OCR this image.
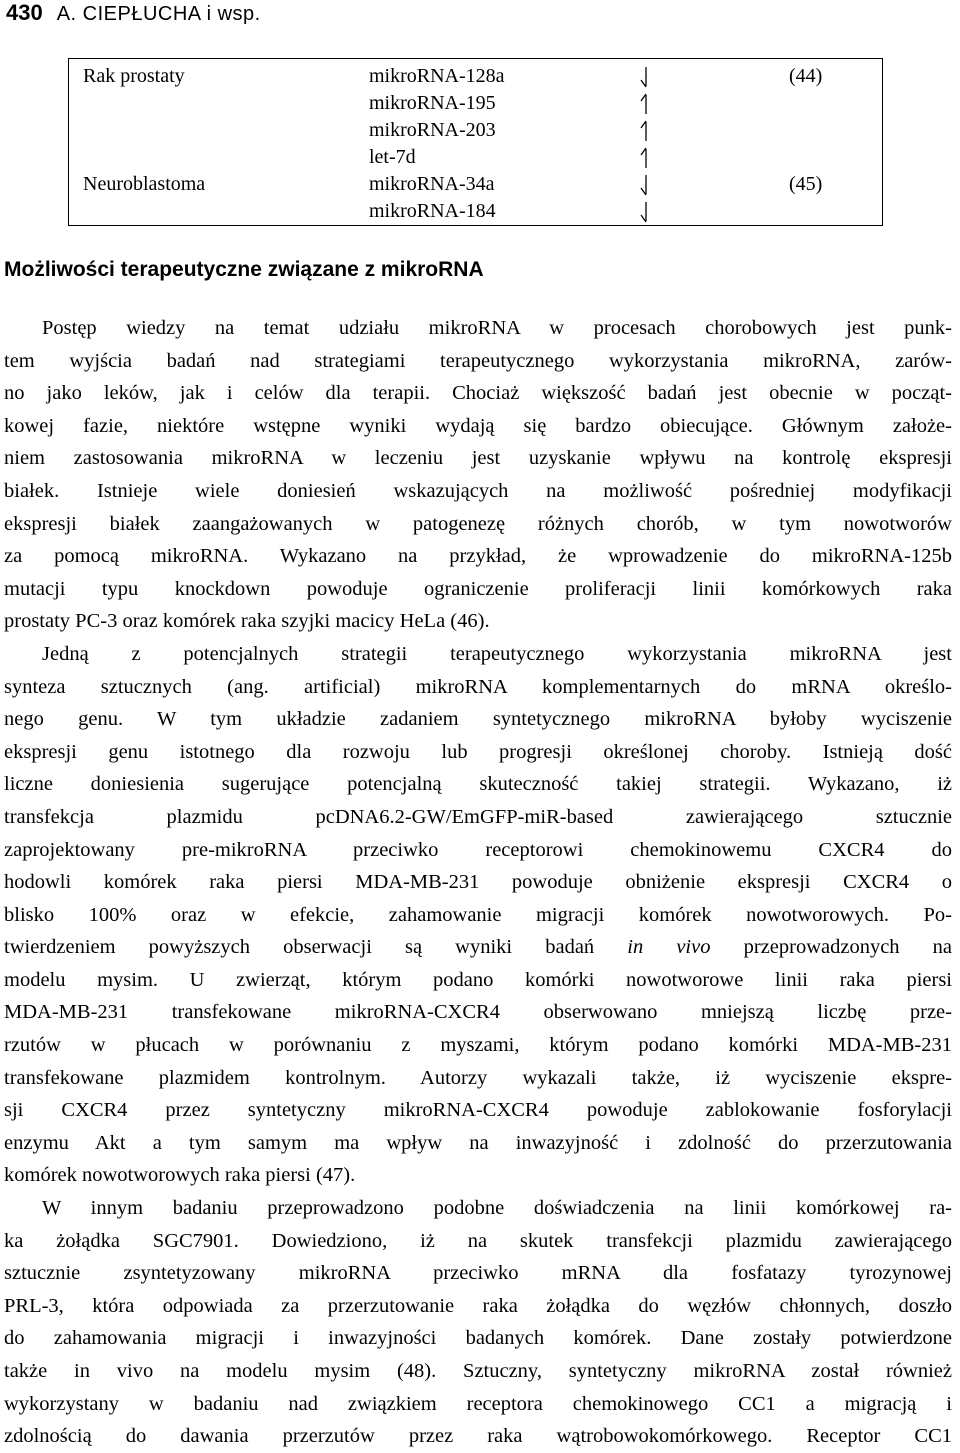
430 A. CIEPŁUCHA i wsp.
Rak prostaty	mikroRNA-128a
mikroRNA-195
mikroRNA-203
let-7d
(44)
Neuroblastoma	mikroRNA-34a
mikroRNA-184
(45)
Możliwości terapeutyczne związane z mikroRNA

Postęp wiedzy na temat udziału mikroRNA w procesach chorobowych jest punk-

tem wyjścia badań nad strategiami terapeutycznego wykorzystania mikroRNA, zarów-

no jako leków, jak i celów dla terapii. Chociaż większość badań jest obecnie w począt-

kowej fazie, niektóre wstępne wyniki wydają się bardzo obiecujące. Głównym założe-

niem zastosowania mikroRNA w leczeniu jest uzyskanie wpływu na kontrolę ekspresji

białek. Istnieje wiele doniesień wskazujących na możliwość pośredniej modyfikacji

ekspresji białek zaangażowanych w patogenezę różnych chorób, w tym nowotworów

za pomocą mikroRNA. Wykazano na przykład, że wprowadzenie do mikroRNA-125b

mutacji typu knockdown powoduje ograniczenie proliferacji linii komórkowych raka

prostaty PC-3 oraz komórek raka szyjki macicy HeLa (46).

Jedną z potencjalnych strategii terapeutycznego wykorzystania mikroRNA jest

synteza sztucznych (ang. artificial) mikroRNA komplementarnych do mRNA określo-

nego genu. W tym układzie zadaniem syntetycznego mikroRNA byłoby wyciszenie

ekspresji genu istotnego dla rozwoju lub progresji określonej choroby. Istnieją dość

liczne doniesienia sugerujące potencjalną skuteczność takiej strategii. Wykazano, iż

transfekcja plazmidu pcDNA6.2-GW/EmGFP-miR-based zawierającego sztucznie

zaprojektowany pre-mikroRNA przeciwko receptorowi chemokinowemu CXCR4 do

hodowli komórek raka piersi MDA-MB-231 powoduje obniżenie ekspresji CXCR4 o

blisko 100% oraz w efekcie, zahamowanie migracji komórek nowotworowych. Po-

twierdzeniem powyższych obserwacji są wyniki badań in vivo przeprowadzonych na

modelu mysim. U zwierząt, którym podano komórki nowotworowe linii raka piersi

MDA-MB-231 transfekowane mikroRNA-CXCR4 obserwowano mniejszą liczbę prze-

rzutów w płucach w porównaniu z myszami, którym podano komórki MDA-MB-231

transfekowane plazmidem kontrolnym. Autorzy wykazali także, iż wyciszenie ekspre-

sji CXCR4 przez syntetyczny mikroRNA-CXCR4 powoduje zablokowanie fosforylacji

enzymu Akt a tym samym ma wpływ na inwazyjność i zdolność do przerzutowania

komórek nowotworowych raka piersi (47).

W innym badaniu przeprowadzono podobne doświadczenia na linii komórkowej ra-

ka żołądka SGC7901. Dowiedziono, iż na skutek transfekcji plazmidu zawierającego

sztucznie zsyntetyzowany mikroRNA przeciwko mRNA dla fosfatazy tyrozynowej

PRL-3, która odpowiada za przerzutowanie raka żołądka do węzłów chłonnych, doszło

do zahamowania migracji i inwazyjności badanych komórek. Dane zostały potwierdzone

także in vivo na modelu mysim (48). Sztuczny, syntetyczny mikroRNA został również

wykorzystany w badaniu nad związkiem receptora chemokinowego CC1 a migracją i

zdolnością do dawania przerzutów przez raka wątrobowokomórkowego. Receptor CC1
